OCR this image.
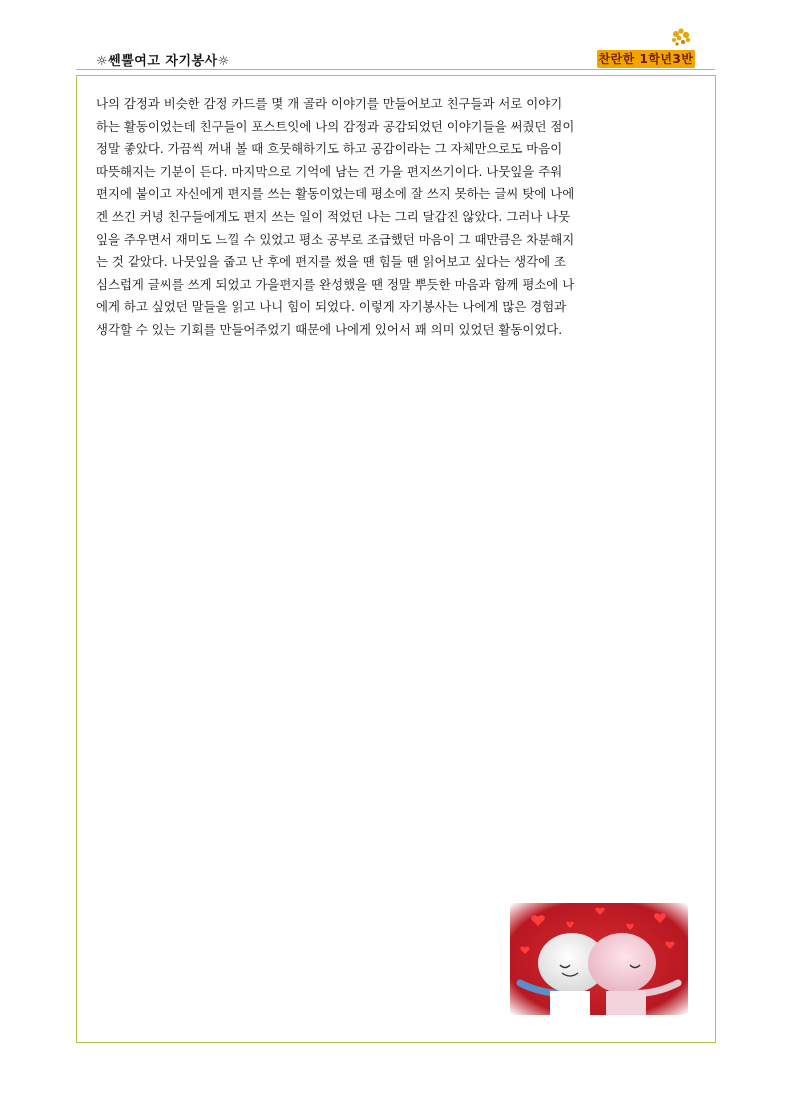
☼쎈뿔여고 자기봉사☼	찬란한 1학년3반
나의 감정과 비슷한 감정 카드를 몇 개 골라 이야기를 만들어보고 친구들과 서로 이야기
하는 활동이었는데 친구들이 포스트잇에 나의 감정과 공감되었던 이야기들을 써줬던 점이
정말 좋았다. 가끔씩 꺼내 볼 때 흐뭇해하기도 하고 공감이라는 그 자체만으로도 마음이
따뜻해지는 기분이 든다. 마지막으로 기억에 남는 건 가을 편지쓰기이다. 나뭇잎을 주워
편지에 붙이고 자신에게 편지를 쓰는 활동이었는데 평소에 잘 쓰지 못하는 글씨 탓에 나에
겐 쓰긴 커녕 친구들에게도 편지 쓰는 일이 적었던 나는 그리 달갑진 않았다. 그러나 나뭇
잎을 주우면서 재미도 느낄 수 있었고 평소 공부로 조급했던 마음이 그 때만큼은 차분해지
는 것 같았다. 나뭇잎을 줍고 난 후에 편지를 썼을 땐 힘들 땐 읽어보고 싶다는 생각에 조
심스럽게 글씨를 쓰게 되었고 가을편지를 완성했을 땐 정말 뿌듯한 마음과 함께 평소에 나
에게 하고 싶었던 말들을 읽고 나니 힘이 되었다. 이렇게 자기봉사는 나에게 많은 경험과
생각할 수 있는 기회를 만들어주었기 때문에 나에게 있어서 꽤 의미 있었던 활동이었다.
